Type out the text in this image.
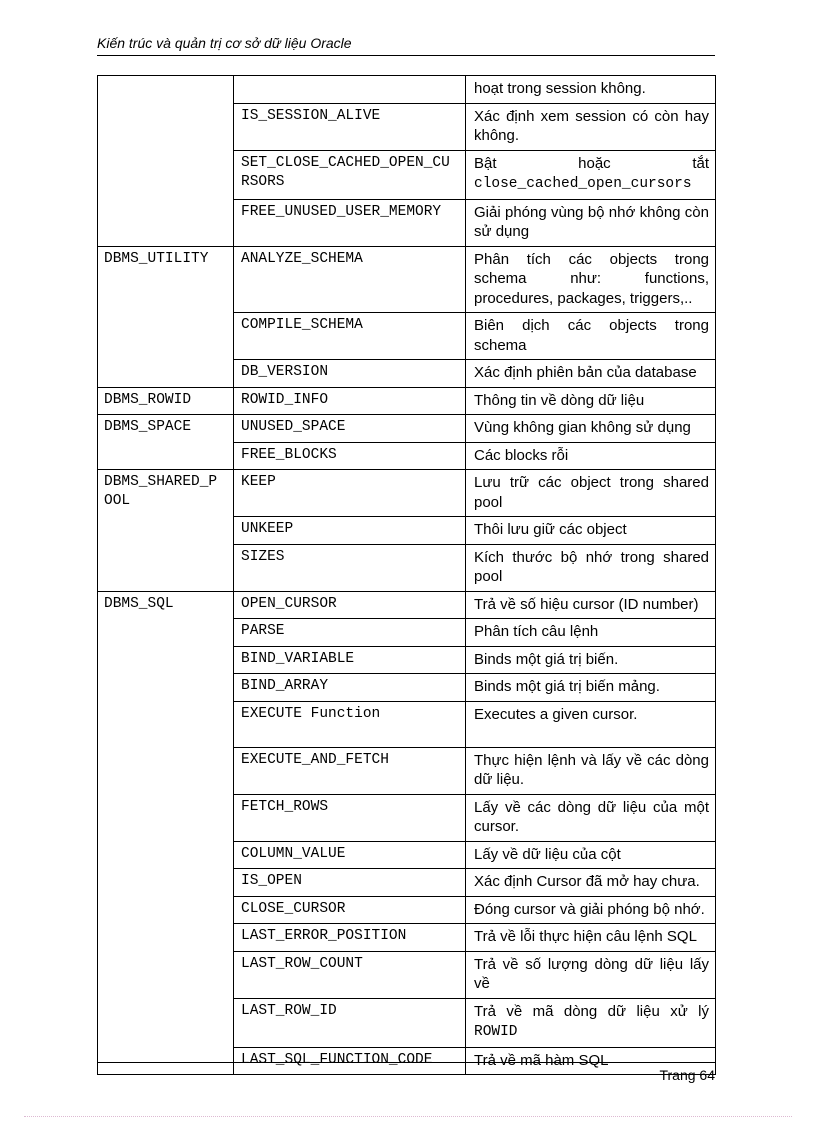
Kiến trúc và quản trị cơ sở dữ liệu Oracle
		hoạt trong session không.
	IS_SESSION_ALIVE	Xác định xem session có còn hay không.
	SET_CLOSE_CACHED_OPEN_CURSORS	Bật hoặc tắt close_cached_open_cursors
	FREE_UNUSED_USER_MEMORY	Giải phóng vùng bộ nhớ không còn sử dụng
DBMS_UTILITY	ANALYZE_SCHEMA	Phân tích các objects trong schema như: functions, procedures, packages, triggers,..
	COMPILE_SCHEMA	Biên dịch các objects trong schema
	DB_VERSION	Xác định phiên bản của database
DBMS_ROWID	ROWID_INFO	Thông tin về dòng dữ liệu
DBMS_SPACE	UNUSED_SPACE	Vùng không gian không sử dụng
	FREE_BLOCKS	Các blocks rỗi
DBMS_SHARED_POOL	KEEP	Lưu trữ các object trong shared pool
	UNKEEP	Thôi lưu giữ các object
	SIZES	Kích thước bộ nhớ trong shared pool
DBMS_SQL	OPEN_CURSOR	Trả về số hiệu cursor (ID number)
	PARSE	Phân tích câu lệnh
	BIND_VARIABLE	Binds một giá trị biến.
	BIND_ARRAY	Binds một giá trị biến mảng.
	EXECUTE Function	Executes a given cursor.
	EXECUTE_AND_FETCH	Thực hiện lệnh và lấy về các dòng dữ liệu.
	FETCH_ROWS	Lấy về các dòng dữ liệu của một cursor.
	COLUMN_VALUE	Lấy về dữ liệu của cột
	IS_OPEN	Xác định Cursor đã mở hay chưa.
	CLOSE_CURSOR	Đóng cursor và giải phóng bộ nhớ.
	LAST_ERROR_POSITION	Trả về lỗi thực hiện câu lệnh SQL
	LAST_ROW_COUNT	Trả về số lượng dòng dữ liệu lấy về
	LAST_ROW_ID	Trả về mã dòng dữ liệu xử lý ROWID
	LAST_SQL_FUNCTION_CODE	Trả về mã hàm SQL
Trang 64
